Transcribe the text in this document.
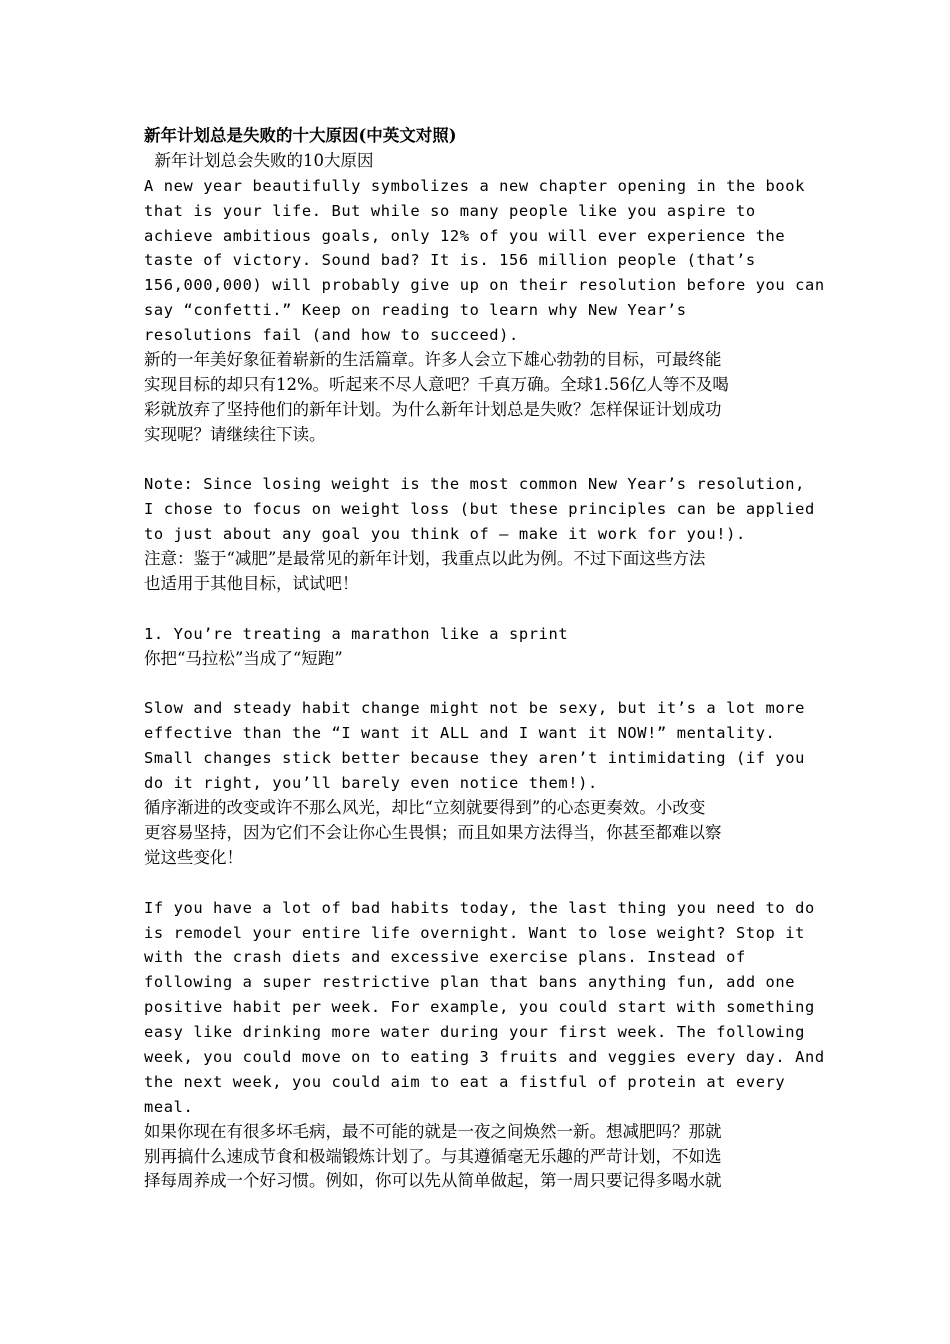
新年计划总是失败的十大原因(中英文对照)
新年计划总会失败的10大原因
A new year beautifully symbolizes a new chapter opening in the book
that is your life. But while so many people like you aspire to
achieve ambitious goals, only 12% of you will ever experience the
taste of victory. Sound bad? It is. 156 million people (that’s
156,000,000) will probably give up on their resolution before you can
say “confetti.” Keep on reading to learn why New Year’s
resolutions fail (and how to succeed).
新的一年美好象征着崭新的生活篇章。许多人会立下雄心勃勃的目标，可最终能
实现目标的却只有12%。听起来不尽人意吧？千真万确。全球1.56亿人等不及喝
彩就放弃了坚持他们的新年计划。为什么新年计划总是失败？怎样保证计划成功
实现呢？请继续往下读。
Note: Since losing weight is the most common New Year’s resolution,
I chose to focus on weight loss (but these principles can be applied
to just about any goal you think of — make it work for you!).
注意：鉴于“减肥”是最常见的新年计划，我重点以此为例。不过下面这些方法
也适用于其他目标，试试吧！
1. You’re treating a marathon like a sprint
你把“马拉松”当成了“短跑”
Slow and steady habit change might not be sexy, but it’s a lot more
effective than the “I want it ALL and I want it NOW!” mentality.
Small changes stick better because they aren’t intimidating (if you
do it right, you’ll barely even notice them!).
循序渐进的改变或许不那么风光，却比“立刻就要得到”的心态更奏效。小改变
更容易坚持，因为它们不会让你心生畏惧；而且如果方法得当，你甚至都难以察
觉这些变化！
If you have a lot of bad habits today, the last thing you need to do
is remodel your entire life overnight. Want to lose weight? Stop it
with the crash diets and excessive exercise plans. Instead of
following a super restrictive plan that bans anything fun, add one
positive habit per week. For example, you could start with something
easy like drinking more water during your first week. The following
week, you could move on to eating 3 fruits and veggies every day. And
the next week, you could aim to eat a fistful of protein at every
meal.
如果你现在有很多坏毛病，最不可能的就是一夜之间焕然一新。想减肥吗？那就
别再搞什么速成节食和极端锻炼计划了。与其遵循毫无乐趣的严苛计划，不如选
择每周养成一个好习惯。例如，你可以先从简单做起，第一周只要记得多喝水就
